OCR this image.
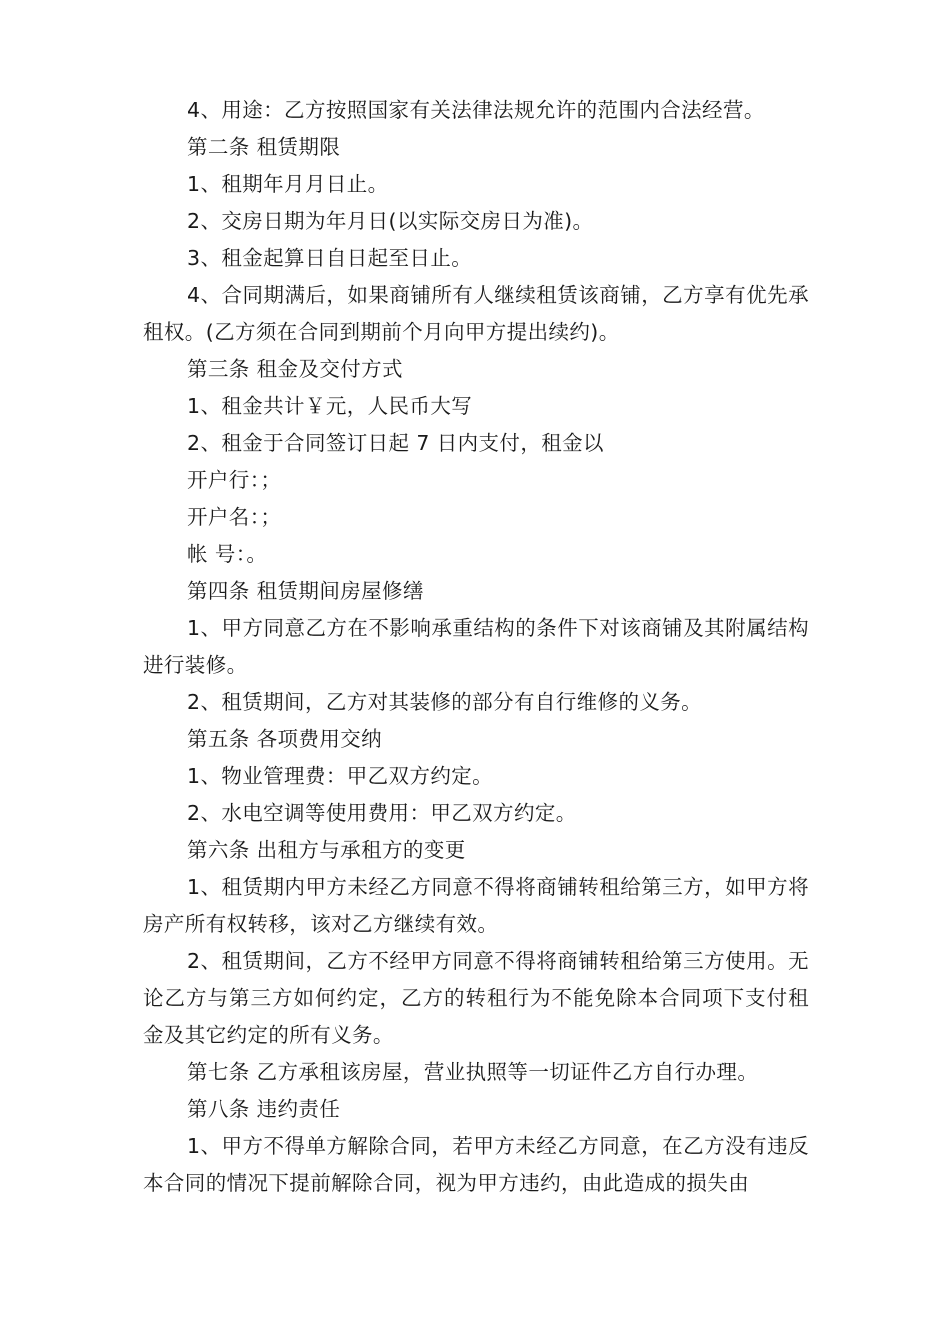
4、用途：乙方按照国家有关法律法规允许的范围内合法经营。

第二条 租赁期限

1、租期年月月日止。

2、交房日期为年月日(以实际交房日为准)。

3、租金起算日自日起至日止。

4、合同期满后，如果商铺所有人继续租赁该商铺，乙方享有优先承租权。(乙方须在合同到期前个月向甲方提出续约)。

第三条 租金及交付方式

1、租金共计￥元，人民币大写

2、租金于合同签订日起 7 日内支付，租金以

开户行：；

开户名：；

帐 号：。

第四条 租赁期间房屋修缮

1、甲方同意乙方在不影响承重结构的条件下对该商铺及其附属结构进行装修。

2、租赁期间，乙方对其装修的部分有自行维修的义务。

第五条 各项费用交纳

1、物业管理费：甲乙双方约定。

2、水电空调等使用费用：甲乙双方约定。

第六条 出租方与承租方的变更

1、租赁期内甲方未经乙方同意不得将商铺转租给第三方，如甲方将房产所有权转移，该对乙方继续有效。

2、租赁期间，乙方不经甲方同意不得将商铺转租给第三方使用。无论乙方与第三方如何约定，乙方的转租行为不能免除本合同项下支付租金及其它约定的所有义务。

第七条 乙方承租该房屋，营业执照等一切证件乙方自行办理。

第八条 违约责任

1、甲方不得单方解除合同，若甲方未经乙方同意，在乙方没有违反本合同的情况下提前解除合同，视为甲方违约，由此造成的损失由
